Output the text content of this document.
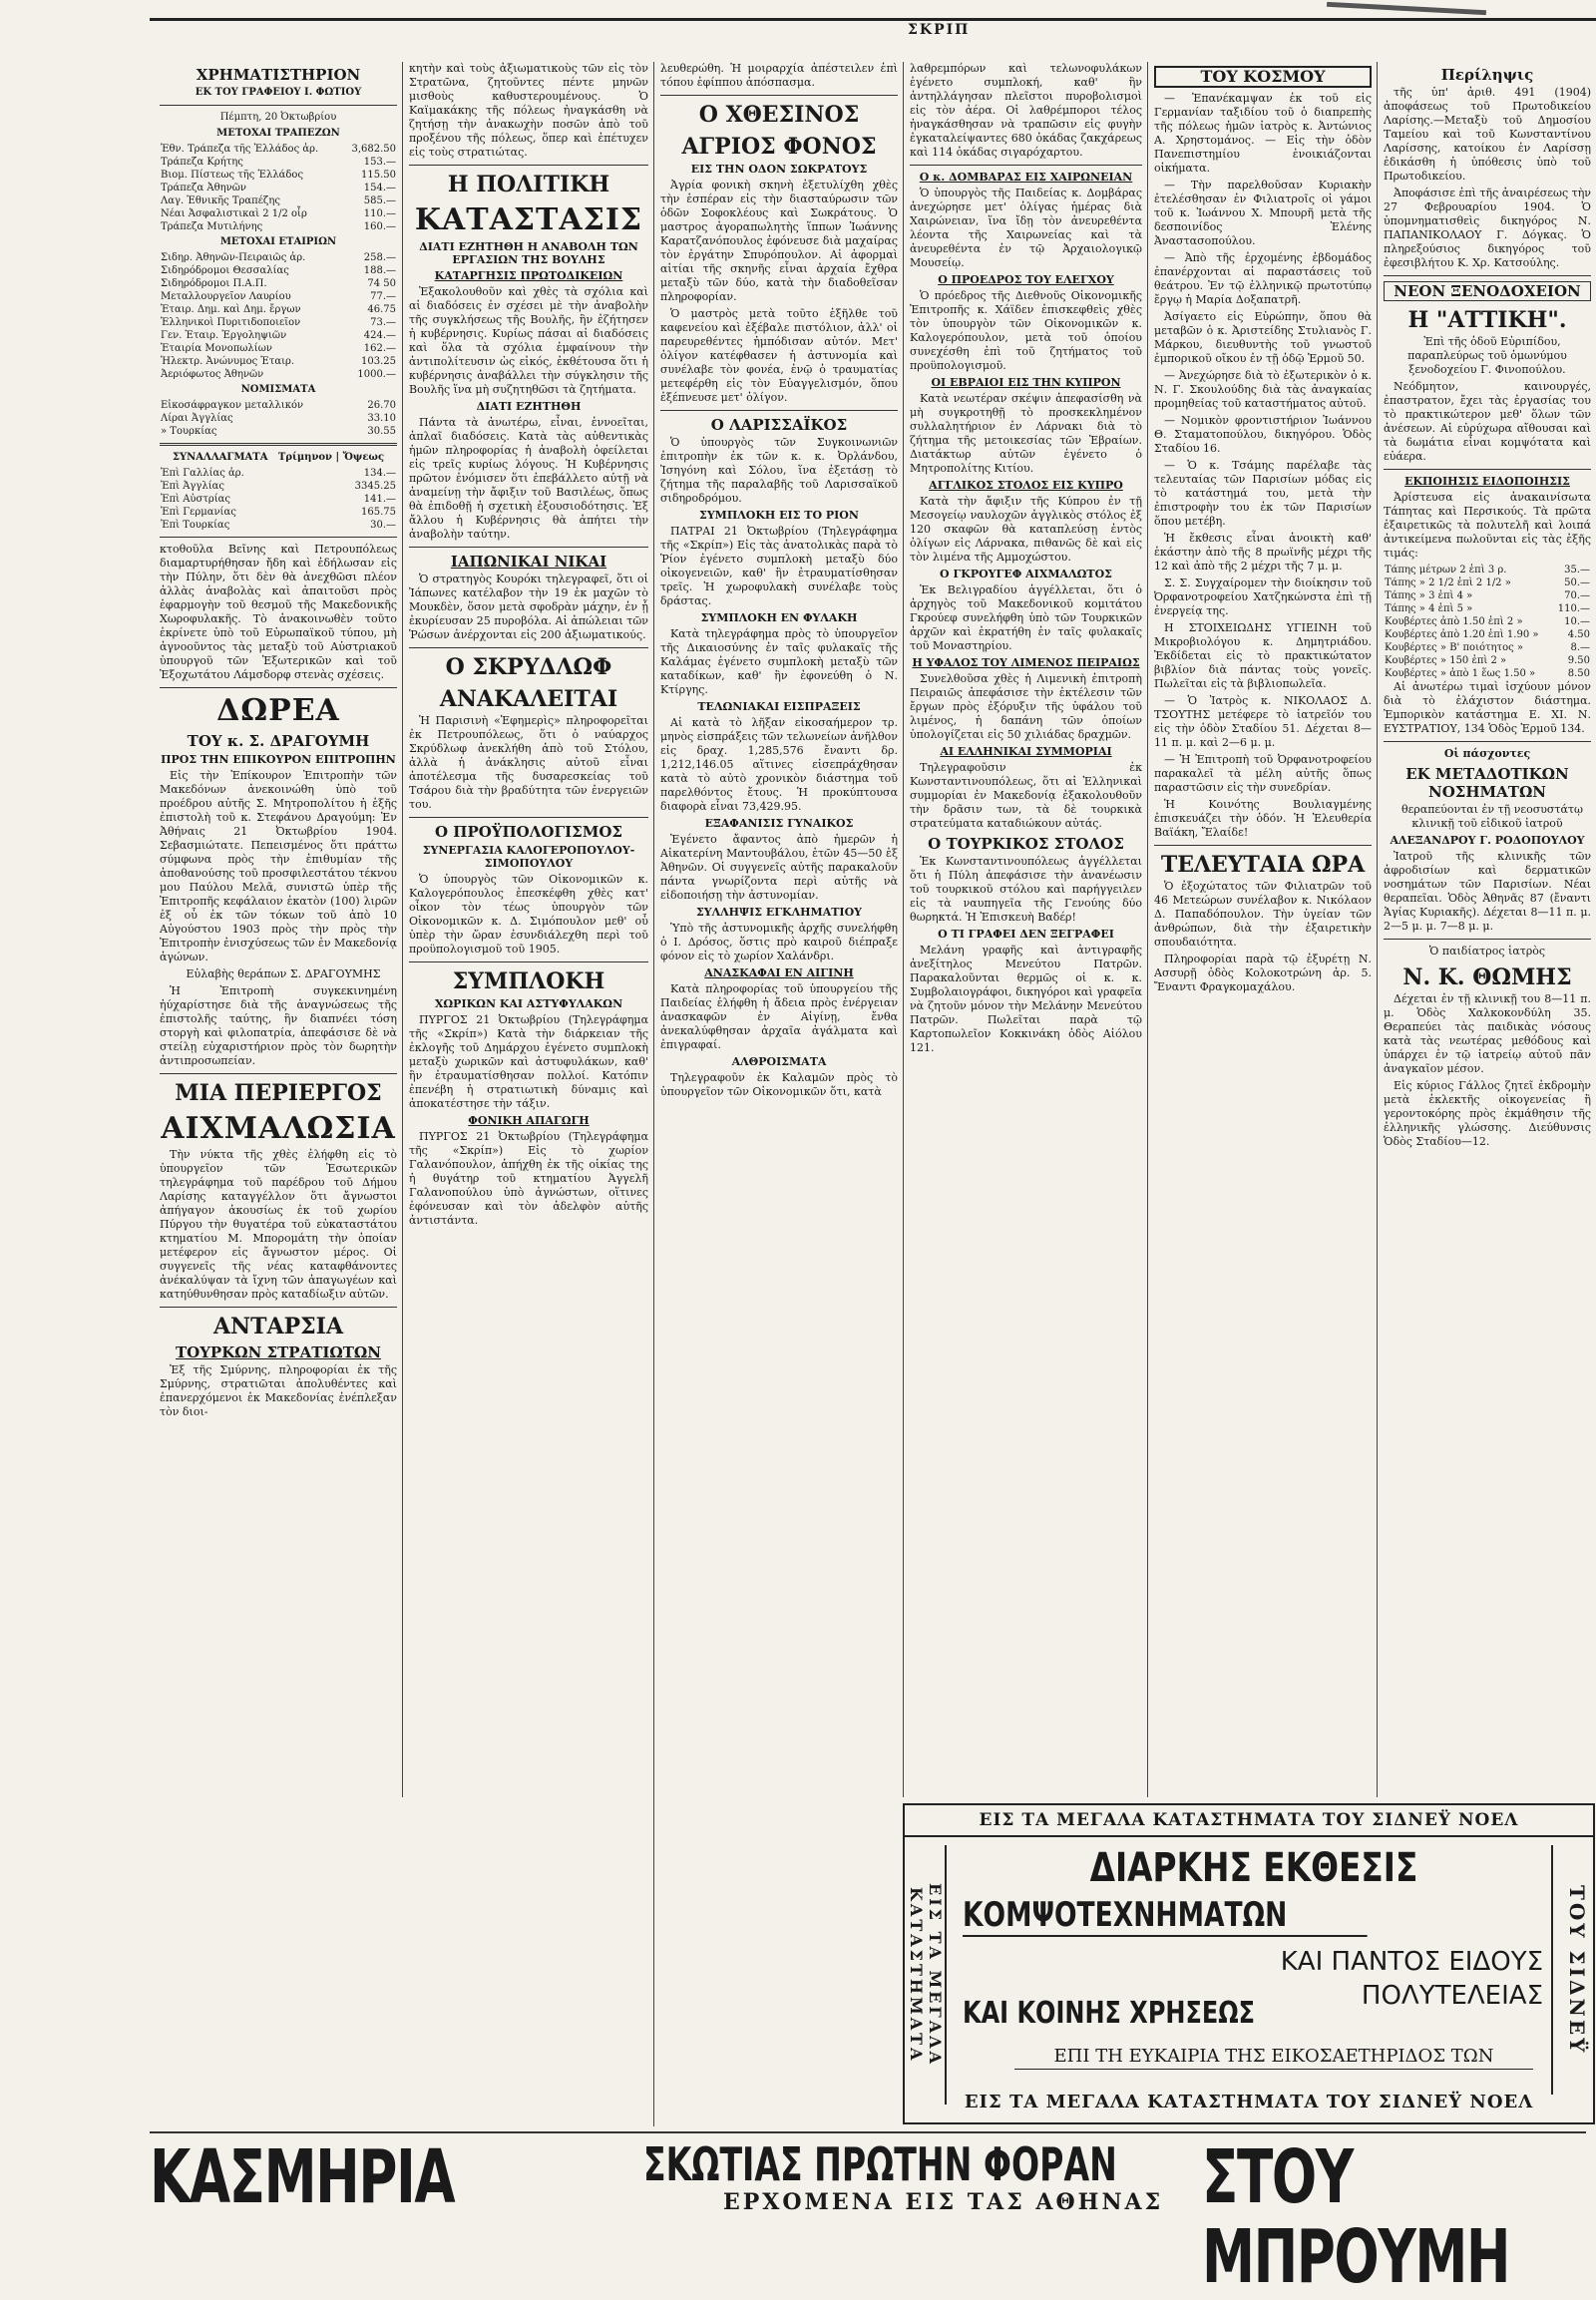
ΣΚΡΙΠ
ΧΡΗΜΑΤΙΣΤΗΡΙΟΝ
ΕΚ ΤΟΥ ΓΡΑΦΕΙΟΥ Ι. ΦΩΤΙΟΥ
Πέμπτη, 20 Ὀκτωβρίου
ΜΕΤΟΧΑΙ ΤΡΑΠΕΖΩΝ
Ἐθν. Τράπεζα τῆς Ἑλλάδος ἀρ.	3,682.50
Τράπεζα Κρήτης	153.—
Βιομ. Πίστεως τῆς Ἑλλάδος	115.50
Τράπεζα Ἀθηνῶν	154.—
Λαγ. Ἐθνικῆς Τραπέζης	585.—
Νέαι Ἀσφαλιστικαὶ 2 1/2 οἷρ	110.—
Τράπεζα Μυτιλήνης	160.—
ΜΕΤΟΧΑΙ ΕΤΑΙΡΙΩΝ
Σιδηρ. Ἀθηνῶν-Πειραιῶς ἀρ.	258.—
Σιδηρόδρομοι Θεσσαλίας	188.—
Σιδηρόδρομοι Π.Α.Π.	74 50
Μεταλλουργεῖον Λαυρίου	77.—
Ἑταιρ. Δημ. καὶ Δημ. ἔργων	46.75
Ἑλληνικοὶ Πυριτιδοποιεῖον	73.—
Γεν. Ἑταιρ. Ἐργοληψιῶν	424.—
Ἑταιρία Μονοπωλίων	162.—
Ἠλεκτρ. Ἀνώνυμος Ἑταιρ.	103.25
Ἀεριόφωτος Ἀθηνῶν	1000.—
ΝΟΜΙΣΜΑΤΑ
Εἰκοσάφραγκον μεταλλικόν	26.70
Λίραι Ἀγγλίας	33.10
» Τουρκίας	30.55
ΣΥΝΑΛΛΑΓΜΑΤΑ Τρίμηνον | Ὄψεως
Ἐπὶ Γαλλίας ἀρ.	134.—
Ἐπὶ Ἀγγλίας	3345.25
Ἐπὶ Αὐστρίας	141.—
Ἐπὶ Γερμανίας	165.75
Ἐπὶ Τουρκίας	30.—

κτοθοῦλα Βεῖνης καὶ Πετρουπόλεως διαμαρτυρήθησαν ἤδη καὶ ἐδήλωσαν εἰς τὴν Πύλην, ὅτι δὲν θὰ ἀνεχθῶσι πλέον ἀλλὰς ἀναβολὰς καὶ ἀπαιτοῦσι πρὸς ἐφαρμογὴν τοῦ θεσμοῦ τῆς Μακεδονικῆς Χωροφυλακῆς. Τὸ ἀνακοινωθὲν τοῦτο ἐκρίνετε ὑπὸ τοῦ Εὐρωπαϊκοῦ τύπου, μὴ ἀγνοοῦντος τὰς μεταξὺ τοῦ Αὐστριακοῦ ὑπουργοῦ τῶν Ἐξωτερικῶν καὶ τοῦ Ἐξοχωτάτου Λάμσδορφ στενὰς σχέσεις.

ΔΩΡΕΑ
ΤΟΥ κ. Σ. ΔΡΑΓΟΥΜΗ
ΠΡΟΣ ΤΗΝ ΕΠΙΚΟΥΡΟΝ ΕΠΙΤΡΟΠΗΝ

Εἰς τὴν Ἐπίκουρον Ἐπιτροπὴν τῶν Μακεδόνων ἀνεκοινώθη ὑπὸ τοῦ προέδρου αὐτῆς Σ. Μητροπολίτου ἡ ἑξῆς ἐπιστολὴ τοῦ κ. Στεφάνου Δραγούμη: Ἐν Ἀθήναις 21 Ὀκτωβρίου 1904. Σεβασμιώτατε. Πεπεισμένος ὅτι πράττω σύμφωνα πρὸς τὴν ἐπιθυμίαν τῆς ἀποθανούσης τοῦ προσφιλεστάτου τέκνου μου Παύλου Μελᾶ, συνιστῶ ὑπὲρ τῆς Ἐπιτροπῆς κεφάλαιον ἐκατὸν (100) λιρῶν ἐξ οὗ ἐκ τῶν τόκων τοῦ ἀπὸ 10 Αὐγούστου 1903 πρὸς τὴν πρὸς τὴν Ἐπιτροπὴν ἐνισχύσεως τῶν ἐν Μακεδονίᾳ ἀγώνων.

Εὐλαβὴς θεράπων Σ. ΔΡΑΓΟΥΜΗΣ

Ἡ Ἐπιτροπὴ συγκεκινημένη ἠύχαρίστησε διὰ τῆς ἀναγνώσεως τῆς ἐπιστολῆς ταύτης, ἣν διαπνέει τόση στοργὴ καὶ φιλοπατρία, ἀπεφάσισε δὲ νὰ στείλῃ εὐχαριστήριον πρὸς τὸν δωρητὴν ἀντιπροσωπείαν.

ΜΙΑ ΠΕΡΙΕΡΓΟΣ
ΑΙΧΜΑΛΩΣΙΑ

Τὴν νύκτα τῆς χθὲς ἐλήφθη εἰς τὸ ὑπουργεῖον τῶν Ἐσωτερικῶν τηλεγράφημα τοῦ παρέδρου τοῦ Δήμου Λαρίσης καταγγέλλον ὅτι ἄγνωστοι ἀπήγαγον ἀκουσίως ἐκ τοῦ χωρίου Πύργου τὴν θυγατέρα τοῦ εὐκαταστάτου κτηματίου Μ. Μπορομάτη τὴν ὁποίαν μετέφερον εἰς ἄγνωστον μέρος. Οἱ συγγενεῖς τῆς νέας καταφθάνοντες ἀνέκαλύψαν τὰ ἴχνη τῶν ἀπαγωγέων καὶ κατηύθυνθησαν πρὸς καταδίωξιν αὐτῶν.

ΑΝΤΑΡΣΙΑ
ΤΟΥΡΚΩΝ ΣΤΡΑΤΙΩΤΩΝ

Ἐξ τῆς Σμύρνης, πληροφορίαι ἐκ τῆς Σμύρνης, στρατιῶται ἀπολυθέντες καὶ ἐπανερχόμενοι ἐκ Μακεδονίας ἐνέπλεξαν τὸν διοι-

κητὴν καὶ τοὺς ἀξιωματικοὺς τῶν εἰς τὸν Στρατῶνα, ζητοῦντες πέντε μηνῶν μισθοὺς καθυστερουμένους. Ὁ Καϊμακάκης τῆς πόλεως ἠναγκάσθη νὰ ζητήσῃ τὴν ἀνακωχὴν ποσῶν ἀπὸ τοῦ προξένου τῆς πόλεως, ὅπερ καὶ ἐπέτυχεν εἰς τοὺς στρατιώτας.

Η ΠΟΛΙΤΙΚΗ
ΚΑΤΑΣΤΑΣΙΣ
ΔΙΑΤΙ ΕΖΗΤΗΘΗ Η ΑΝΑΒΟΛΗ ΤΩΝ ΕΡΓΑΣΙΩΝ ΤΗΣ ΒΟΥΛΗΣ
ΚΑΤΑΡΓΗΣΙΣ ΠΡΩΤΟΔΙΚΕΙΩΝ

Ἐξακολουθοῦν καὶ χθὲς τὰ σχόλια καὶ αἱ διαδόσεις ἐν σχέσει μὲ τὴν ἀναβολὴν τῆς συγκλήσεως τῆς Βουλῆς, ἣν ἐζήτησεν ἡ κυβέρνησις. Κυρίως πάσαι αἱ διαδόσεις καὶ ὅλα τὰ σχόλια ἐμφαίνουν τὴν ἀντιπολίτευσιν ὡς εἰκός, ἐκθέτουσα ὅτι ἡ κυβέρνησις ἀναβάλλει τὴν σύγκλησιν τῆς Βουλῆς ἵνα μὴ συζητηθῶσι τὰ ζητήματα.

ΔΙΑΤΙ ΕΖΗΤΗΘΗ

Πάντα τὰ ἀνωτέρω, εἶναι, ἐννοεῖται, ἀπλαῖ διαδόσεις. Κατὰ τὰς αὐθεντικὰς ἡμῶν πληροφορίας ἡ ἀναβολὴ ὀφείλεται εἰς τρεῖς κυρίως λόγους. Ἡ Κυβέρνησις πρῶτον ἐνόμισεν ὅτι ἐπεβάλλετο αὐτῇ νὰ ἀναμείνῃ τὴν ἄφιξιν τοῦ Βασιλέως, ὅπως θὰ ἐπιδοθῇ ἡ σχετικὴ ἐξουσιοδότησις. Ἐξ ἄλλου ἡ Κυβέρνησις θὰ ἀπήτει τὴν ἀναβολὴν ταύτην.

ΙΑΠΩΝΙΚΑΙ ΝΙΚΑΙ

Ὁ στρατηγὸς Κουρόκι τηλεγραφεῖ, ὅτι οἱ Ἰάπωνες κατέλαβον τὴν 19 ἐκ μαχῶν τὸ Μουκδὲν, ὅσον μετὰ σφοδρὰν μάχην, ἐν ᾗ ἐκυρίευσαν 25 πυροβόλα. Αἱ ἀπώλειαι τῶν Ῥώσων ἀνέρχονται εἰς 200 ἀξιωματικούς.

Ο ΣΚΡΥΔΛΩΦ
ΑΝΑΚΑΛΕΙΤΑΙ

Ἡ Παρισινὴ «Ἐφημερὶς» πληροφορεῖται ἐκ Πετρουπόλεως, ὅτι ὁ ναύαρχος Σκρύδλωφ ἀνεκλήθη ἀπὸ τοῦ Στόλου, ἀλλὰ ἡ ἀνάκλησις αὐτοῦ εἶναι ἀποτέλεσμα τῆς δυσαρεσκείας τοῦ Τσάρου διὰ τὴν βραδύτητα τῶν ἐνεργειῶν του.

Ο ΠΡΟΫΠΟΛΟΓΙΣΜΟΣ
ΣΥΝΕΡΓΑΣΙΑ ΚΑΛΟΓΕΡΟΠΟΥΛΟΥ-ΣΙΜΟΠΟΥΛΟΥ

Ὁ ὑπουργὸς τῶν Οἰκονομικῶν κ. Καλογερόπουλος ἐπεσκέφθη χθὲς κατ' οἶκον τὸν τέως ὑπουργὸν τῶν Οἰκονομικῶν κ. Δ. Σιμόπουλον μεθ' οὗ ὑπὲρ τὴν ὥραν ἐσυνδιάλεχθη περὶ τοῦ προϋπολογισμοῦ τοῦ 1905.

ΣΥΜΠΛΟΚΗ
ΧΩΡΙΚΩΝ ΚΑΙ ΑΣΤΥΦΥΛΑΚΩΝ

ΠΥΡΓΟΣ 21 Ὀκτωβρίου (Τηλεγράφημα τῆς «Σκρίπ») Κατὰ τὴν διάρκειαν τῆς ἐκλογῆς τοῦ Δημάρχου ἐγένετο συμπλοκὴ μεταξὺ χωρικῶν καὶ ἀστυφυλάκων, καθ' ἣν ἐτραυματίσθησαν πολλοί. Κατόπιν ἐπενέβη ἡ στρατιωτικὴ δύναμις καὶ ἀποκατέστησε τὴν τάξιν.

ΦΟΝΙΚΗ ΑΠΑΓΩΓΗ

ΠΥΡΓΟΣ 21 Ὀκτωβρίου (Τηλεγράφημα τῆς «Σκρίπ») Εἰς τὸ χωρίον Γαλανόπουλον, ἀπήχθη ἐκ τῆς οἰκίας της ἡ θυγάτηρ τοῦ κτηματίου Ἀγγελῆ Γαλανοπούλου ὑπὸ ἀγνώστων, οἵτινες ἐφόνευσαν καὶ τὸν ἀδελφὸν αὐτῆς ἀντιστάντα.

λευθερώθη. Ἡ μοιραρχία ἀπέστειλεν ἐπὶ τόπου ἐφίππου ἀπόσπασμα.

Ο ΧΘΕΣΙΝΟΣ
ΑΓΡΙΟΣ ΦΟΝΟΣ
ΕΙΣ ΤΗΝ ΟΔΟΝ ΣΩΚΡΑΤΟΥΣ

Ἀγρία φονικὴ σκηνὴ ἐξετυλίχθη χθὲς τὴν ἑσπέραν εἰς τὴν διασταύρωσιν τῶν ὁδῶν Σοφοκλέους καὶ Σωκράτους. Ὁ μαστρος ἀγοραπωλητὴς ἵππων Ἰωάννης Καρατζανόπουλος ἐφόνευσε διὰ μαχαίρας τὸν ἐργάτην Σπυρόπουλον. Αἱ ἀφορμαὶ αἰτίαι τῆς σκηνῆς εἶναι ἀρχαία ἔχθρα μεταξὺ τῶν δύο, κατὰ τὴν διαδοθεῖσαν πληροφορίαν.

Ὁ μαστρὸς μετὰ τοῦτο ἐξῆλθε τοῦ καφενείου καὶ ἐξέβαλε πιστόλιον, ἀλλ' οἱ παρευρεθέντες ἠμπόδισαν αὐτόν. Μετ' ὀλίγον κατέφθασεν ἡ ἀστυνομία καὶ συνέλαβε τὸν φονέα, ἐνῷ ὁ τραυματίας μετεφέρθη εἰς τὸν Εὐαγγελισμόν, ὅπου ἐξέπνευσε μετ' ὀλίγον.

Ο ΛΑΡΙΣΣΑΪΚΟΣ

Ὁ ὑπουργὸς τῶν Συγκοινωνιῶν ἐπιτροπὴν ἐκ τῶν κ. κ. Ὀρλάνδου, Ἰσηγόνη καὶ Σόλου, ἵνα ἐξετάσῃ τὸ ζήτημα τῆς παραλαβῆς τοῦ Λαρισσαϊκοῦ σιδηροδρόμου.

ΣΥΜΠΛΟΚΗ ΕΙΣ ΤΟ ΡΙΟΝ

ΠΑΤΡΑΙ 21 Ὀκτωβρίου (Τηλεγράφημα τῆς «Σκρίπ») Εἰς τὰς ἀνατολικὰς παρὰ τὸ Ῥίον ἐγένετο συμπλοκὴ μεταξὺ δύο οἰκογενειῶν, καθ' ἣν ἐτραυματίσθησαν τρεῖς. Ἡ χωροφυλακὴ συνέλαβε τοὺς δράστας.

ΣΥΜΠΛΟΚΗ ΕΝ ΦΥΛΑΚΗ

Κατὰ τηλεγράφημα πρὸς τὸ ὑπουργεῖον τῆς Δικαιοσύνης ἐν ταῖς φυλακαῖς τῆς Καλάμας ἐγένετο συμπλοκὴ μεταξὺ τῶν καταδίκων, καθ' ἣν ἐφονεύθη ὁ Ν. Κτίργης.

ΤΕΛΩΝΙΑΚΑΙ ΕΙΣΠΡΑΞΕΙΣ

Αἱ κατὰ τὸ λῆξαν εἰκοσαήμερον τρ. μηνὸς εἰσπράξεις τῶν τελωνείων ἀνῆλθον εἰς δραχ. 1,285,576 ἔναντι δρ. 1,212,146.05 αἵτινες εἰσεπράχθησαν κατὰ τὸ αὐτὸ χρονικὸν διάστημα τοῦ παρελθόντος ἔτους. Ἡ προκύπτουσα διαφορὰ εἶναι 73,429.95.

ΕΞΑΦΑΝΙΣΙΣ ΓΥΝΑΙΚΟΣ

Ἐγένετο ἄφαντος ἀπὸ ἡμερῶν ἡ Αἰκατερίνη Μαντουβάλου, ἐτῶν 45—50 ἐξ Ἀθηνῶν. Οἱ συγγενεῖς αὐτῆς παρακαλοῦν πάντα γνωρίζοντα περὶ αὐτῆς νὰ εἰδοποιήσῃ τὴν ἀστυνομίαν.

ΣΥΛΛΗΨΙΣ ΕΓΚΛΗΜΑΤΙΟΥ

Ὑπὸ τῆς ἀστυνομικῆς ἀρχῆς συνελήφθη ὁ Ι. Δρόσος, ὅστις πρὸ καιροῦ διέπραξε φόνον εἰς τὸ χωρίον Χαλάνδρι.

ΑΝΑΣΚΑΦΑΙ ΕΝ ΑΙΓΙΝΗ

Κατὰ πληροφορίας τοῦ ὑπουργείου τῆς Παιδείας ἐλήφθη ἡ ἄδεια πρὸς ἐνέργειαν ἀνασκαφῶν ἐν Αἰγίνῃ, ἔνθα ἀνεκαλύφθησαν ἀρχαῖα ἀγάλματα καὶ ἐπιγραφαί.

ΑΛΘΡΟΙΣΜΑΤΑ

Τηλεγραφοῦν ἐκ Καλαμῶν πρὸς τὸ ὑπουργεῖον τῶν Οἰκονομικῶν ὅτι, κατὰ

λαθρεμπόρων καὶ τελωνοφυλάκων ἐγένετο συμπλοκή, καθ' ἣν ἀντηλλάγησαν πλεῖστοι πυροβολισμοὶ εἰς τὸν ἀέρα. Οἱ λαθρέμποροι τέλος ἠναγκάσθησαν νὰ τραπῶσιν εἰς φυγὴν ἐγκαταλείψαντες 680 ὀκάδας ζακχάρεως καὶ 114 ὀκάδας σιγαρόχαρτου.

Ο κ. ΔΟΜΒΑΡΑΣ ΕΙΣ ΧΑΙΡΩΝΕΙΑΝ

Ὁ ὑπουργὸς τῆς Παιδείας κ. Δομβάρας ἀνεχώρησε μετ' ὀλίγας ἡμέρας διὰ Χαιρώνειαν, ἵνα ἴδῃ τὸν ἀνευρεθέντα λέοντα τῆς Χαιρωνείας καὶ τὰ ἀνευρεθέντα ἐν τῷ Ἀρχαιολογικῷ Μουσείῳ.

Ο ΠΡΟΕΔΡΟΣ ΤΟΥ ΕΛΕΓΧΟΥ

Ὁ πρόεδρος τῆς Διεθνοῦς Οἰκονομικῆς Ἐπιτροπῆς κ. Χάϊδεν ἐπισκεφθεὶς χθὲς τὸν ὑπουργὸν τῶν Οἰκονομικῶν κ. Καλογερόπουλον, μετὰ τοῦ ὁποίου συνεχέσθη ἐπὶ τοῦ ζητήματος τοῦ προϋπολογισμοῦ.

ΟΙ ΕΒΡΑΙΟΙ ΕΙΣ ΤΗΝ ΚΥΠΡΟΝ

Κατὰ νεωτέραν σκέψιν ἀπεφασίσθη νὰ μὴ συγκροτηθῇ τὸ προσκεκλημένον συλλαλητήριον ἐν Λάρνακι διὰ τὸ ζήτημα τῆς μετοικεσίας τῶν Ἑβραίων. Διατάκτωρ αὐτῶν ἐγένετο ὁ Μητροπολίτης Κιτίου.

ΑΓΓΛΙΚΟΣ ΣΤΟΛΟΣ ΕΙΣ ΚΥΠΡΟ

Κατὰ τὴν ἄφιξιν τῆς Κύπρου ἐν τῇ Μεσογείῳ ναυλοχῶν ἀγγλικὸς στόλος ἐξ 120 σκαφῶν θὰ καταπλεύσῃ ἐντὸς ὀλίγων εἰς Λάρνακα, πιθανῶς δὲ καὶ εἰς τὸν λιμένα τῆς Αμμοχώστου.

Ο ΓΚΡΟΥΓΕΦ ΑΙΧΜΑΛΩΤΟΣ

Ἐκ Βελιγραδίου ἀγγέλλεται, ὅτι ὁ ἀρχηγὸς τοῦ Μακεδονικοῦ κομιτάτου Γκρούεφ συνελήφθη ὑπὸ τῶν Τουρκικῶν ἀρχῶν καὶ ἐκρατήθη ἐν ταῖς φυλακαῖς τοῦ Μοναστηρίου.

Η ΥΦΑΛΟΣ ΤΟΥ ΛΙΜΕΝΟΣ ΠΕΙΡΑΙΩΣ

Συνελθοῦσα χθὲς ἡ Λιμενικὴ ἐπιτροπὴ Πειραιῶς ἀπεφάσισε τὴν ἐκτέλεσιν τῶν ἔργων πρὸς ἐξόρυξιν τῆς ὑφάλου τοῦ λιμένος, ἡ δαπάνη τῶν ὁποίων ὑπολογίζεται εἰς 50 χιλιάδας δραχμῶν.

ΑΙ ΕΛΛΗΝΙΚΑΙ ΣΥΜΜΟΡΙΑΙ

Τηλεγραφοῦσιν ἐκ Κωνσταντινουπόλεως, ὅτι αἱ Ἑλληνικαὶ συμμορίαι ἐν Μακεδονίᾳ ἐξακολουθοῦν τὴν δρᾶσιν των, τὰ δὲ τουρκικὰ στρατεύματα καταδιώκουν αὐτάς.

Ο ΤΟΥΡΚΙΚΟΣ ΣΤΟΛΟΣ

Ἐκ Κωνσταντινουπόλεως ἀγγέλλεται ὅτι ἡ Πύλη ἀπεφάσισε τὴν ἀνανέωσιν τοῦ τουρκικοῦ στόλου καὶ παρήγγειλεν εἰς τὰ ναυπηγεῖα τῆς Γενούης δύο θωρηκτά. Ἡ Ἐπισκευὴ Βαδέρ!

Ο ΤΙ ΓΡΑΦΕΙ ΔΕΝ ΞΕΓΡΑΦΕΙ

Μελάνη γραφῆς καὶ ἀντιγραφῆς ἀνεξίτηλος Μενεύτου Πατρῶν. Παρακαλοῦνται θερμῶς οἱ κ. κ. Συμβολαιογράφοι, δικηγόροι καὶ γραφεῖα νὰ ζητοῦν μόνον τὴν Μελάνην Μενεύτου Πατρῶν. Πωλεῖται παρὰ τῷ Καρτοπωλεῖον Κοκκινάκη ὁδὸς Αἰόλου 121.

ΤΟΥ ΚΟΣΜΟΥ

— Ἐπανέκαμψαν ἐκ τοῦ εἰς Γερμανίαν ταξιδίου τοῦ ὁ διαπρεπὴς τῆς πόλεως ἡμῶν ἰατρὸς κ. Ἀντώνιος Α. Χρηστομάνος. — Εἰς τὴν ὁδὸν Πανεπιστημίου ἐνοικιάζονται οἰκήματα.

— Τὴν παρελθοῦσαν Κυριακὴν ἐτελέσθησαν ἐν Φιλιατροῖς οἱ γάμοι τοῦ κ. Ἰωάννου Χ. Μπουρῆ μετὰ τῆς δεσποινίδος Ἑλένης Ἀναστασοπούλου.

— Ἀπὸ τῆς ἐρχομένης ἑβδομάδος ἐπανέρχονται αἱ παραστάσεις τοῦ θεάτρου. Ἐν τῷ ἐλληνικῷ πρωτοτύπῳ ἔργῳ ἡ Μαρία Δοξαπατρῆ.

Ἀσίγαετο εἰς Εὐρώπην, ὅπου θὰ μεταβῶν ὁ κ. Ἀριστείδης Στυλιανὸς Γ. Μάρκου, διευθυντὴς τοῦ γνωστοῦ ἐμπορικοῦ οἴκου ἐν τῇ ὁδῷ Ἑρμοῦ 50.

— Ἀνεχώρησε διὰ τὸ ἐξωτερικὸν ὁ κ. Ν. Γ. Σκουλούδης διὰ τὰς ἀναγκαίας προμηθείας τοῦ καταστήματος αὐτοῦ.

— Νομικὸν φροντιστήριον Ἰωάννου Θ. Σταματοπούλου, δικηγόρου. Ὁδὸς Σταδίου 16.

— Ὁ κ. Τσάμης παρέλαβε τὰς τελευταίας τῶν Παρισίων μόδας εἰς τὸ κατάστημά του, μετὰ τὴν ἐπιστροφὴν του ἐκ τῶν Παρισίων ὅπου μετέβη.

Ἡ ἔκθεσις εἶναι ἀνοικτὴ καθ' ἑκάστην ἀπὸ τῆς 8 πρωϊνῆς μέχρι τῆς 12 καὶ ἀπὸ τῆς 2 μέχρι τῆς 7 μ. μ.

Σ. Σ. Συγχαίρομεν τὴν διοίκησιν τοῦ Ὀρφανοτροφείου Χατζηκώνστα ἐπὶ τῇ ἐνεργείᾳ της.

Η ΣΤΟΙΧΕΙΩΔΗΣ ΥΓΙΕΙΝΗ τοῦ Μικροβιολόγου κ. Δημητριάδου. Ἐκδίδεται εἰς τὸ πρακτικώτατον βιβλίον διὰ πάντας τοὺς γονεῖς. Πωλεῖται εἰς τὰ βιβλιοπωλεῖα.

— Ὁ Ἰατρὸς κ. ΝΙΚΟΛΑΟΣ Δ. ΤΣΟΥΤΗΣ μετέφερε τὸ ἰατρεῖόν του εἰς τὴν ὁδὸν Σταδίου 51. Δέχεται 8—11 π. μ. καὶ 2—6 μ. μ.

— Ἡ Ἐπιτροπὴ τοῦ Ὀρφανοτροφείου παρακαλεῖ τὰ μέλη αὐτῆς ὅπως παραστῶσιν εἰς τὴν συνεδρίαν.

Ἡ Κοινότης Βουλιαγμένης ἐπισκευάζει τὴν ὁδόν. Ἡ Ἐλευθερία Βαϊάκη, Ἔλαίδε!

ΤΕΛΕΥΤΑΙΑ ΩΡΑ

Ὁ ἐξοχώτατος τῶν Φιλιατρῶν τοῦ 46 Μετεώρων συνέλαβον κ. Νικόλαον Δ. Παπαδόπουλον. Τὴν ὑγείαν τῶν ἀνθρώπων, διὰ τὴν ἐξαιρετικὴν σπουδαιότητα.

Πληροφορίαι παρὰ τῷ ἐξυρέτῃ Ν. Ασσυρῇ ὁδὸς Κολοκοτρώνη ἀρ. 5. Ἔναντι Φραγκομαχάλου.

Περίληψις

τῆς ὑπ' ἀριθ. 491 (1904) ἀποφάσεως τοῦ Πρωτοδικείου Λαρίσης.—Μεταξὺ τοῦ Δημοσίου Ταμείου καὶ τοῦ Κωνσταντίνου Λαρίσσης, κατοίκου ἐν Λαρίσσῃ ἐδικάσθη ἡ ὑπόθεσις ὑπὸ τοῦ Πρωτοδικείου.

Ἀποφάσισε ἐπὶ τῆς ἀναιρέσεως τὴν 27 Φεβρουαρίου 1904. Ὁ ὑπομνηματισθεὶς δικηγόρος Ν. ΠΑΠΑΝΙΚΟΛΑΟΥ Γ. Δόγκας. Ὁ πληρεξούσιος δικηγόρος τοῦ ἐφεσιβλήτου Κ. Χρ. Κατσούλης.

ΝΕΟΝ ΞΕΝΟΔΟΧΕΙΟΝ
Η "ΑΤΤΙΚΗ".

Ἐπὶ τῆς ὁδοῦ Εὐριπίδου, παραπλεύρως τοῦ ὁμωνύμου ξενοδοχείου Γ. Φινοπούλου.

Νεόδμητον, καινουργές, ἐπαστρατον, ἔχει τὰς ἐργασίας του τὸ πρακτικώτερον μεθ' ὅλων τῶν ἀνέσεων. Αἱ εὐρύχωρα αἴθουσαι καὶ τὰ δωμάτια εἶναι κομψότατα καὶ εὐάερα.

ΕΚΠΟΙΗΣΙΣ ΕΙΔΟΠΟΙΗΣΙΣ

Ἀρίστευσα εἰς ἀνακαινίσωτα Τάπητας καὶ Περσικούς. Τὰ πρῶτα ἐξαιρετικῶς τὰ πολυτελῆ καὶ λοιπά ἀντικείμενα πωλοῦνται εἰς τὰς ἑξῆς τιμάς:

Τάπης μέτρων 2 ἐπὶ 3 ρ.	35.—
Τάπης » 2 1/2 ἐπὶ 2 1/2 »	50.—
Τάπης » 3 ἐπὶ 4 »	70.—
Τάπης » 4 ἐπὶ 5 »	110.—
Κουβέρτες ἀπὸ 1.50 ἐπὶ 2 »	10.—
Κουβέρτες ἀπὸ 1.20 ἐπὶ 1.90 »	4.50
Κουβέρτες » Β' ποιότητος »	8.—
Κουβέρτες » 150 ἐπὶ 2 »	9.50
Κουβέρτες » ἀπὸ 1 ἕως 1.50 »	8.50

Αἱ ἀνωτέρω τιμαὶ ἰσχύουν μόνον διὰ τὸ ἐλάχιστον διάστημα. Ἐμπορικὸν κατάστημα Ε. ΧΙ. Ν. ΕΥΣΤΡΑΤΙΟΥ, 134 Ὁδὸς Ἑρμοῦ 134.

Οἱ πάσχοντες
ΕΚ ΜΕΤΑΔΟΤΙΚΩΝ ΝΟΣΗΜΑΤΩΝ

θεραπεύονται ἐν τῇ νεοσυστάτῳ κλινικῇ τοῦ εἰδικοῦ ἰατροῦ

ΑΛΕΞΑΝΔΡΟΥ Γ. ΡΟΔΟΠΟΥΛΟΥ

Ἰατροῦ τῆς κλινικῆς τῶν ἀφροδισίων καὶ δερματικῶν νοσημάτων τῶν Παρισίων. Νέαι θεραπεῖαι. Ὁδὸς Ἀθηνᾶς 87 (ἔναντι Ἁγίας Κυριακῆς). Δέχεται 8—11 π. μ. 2—5 μ. μ. 7—8 μ. μ.

Ὁ παιδίατρος ἰατρὸς
Ν. Κ. ΘΩΜΗΣ

Δέχεται ἐν τῇ κλινικῇ του 8—11 π. μ. Ὁδὸς Χαλκοκονδύλη 35. Θεραπεύει τὰς παιδικὰς νόσους κατὰ τὰς νεωτέρας μεθόδους καὶ ὑπάρχει ἐν τῷ ἰατρείῳ αὐτοῦ πᾶν ἀναγκαῖον μέσον.

Εἰς κύριος Γάλλος ζητεῖ ἐκδρομὴν μετὰ ἐκλεκτῆς οἰκογενείας ἢ γεροντοκόρης πρὸς ἐκμάθησιν τῆς ἑλληνικῆς γλώσσης. Διεύθυνσις Ὁδὸς Σταδίου—12.

ΕΙΣ ΤΑ ΜΕΓΑΛΑ ΚΑΤΑΣΤΗΜΑΤΑ ΤΟΥ ΣΙΔΝΕΫ ΝΟΕΛ
ΕΙΣ ΤΑ ΜΕΓΑΛΑ ΚΑΤΑΣΤΗΜΑΤΑ	ΤΟΥ ΣΙΔΝΕΫ
ΔΙΑΡΚΗΣ ΕΚΘΕΣΙΣ
ΚΟΜΨΟΤΕΧΝΗΜΑΤΩΝ
ΚΑΙ ΠΑΝΤΟΣ ΕΙΔΟΥΣ ΠΟΛΥΤΕΛΕΙΑΣ
ΚΑΙ ΚΟΙΝΗΣ ΧΡΗΣΕΩΣ
ΕΠΙ ΤΗ ΕΥΚΑΙΡΙΑ ΤΗΣ ΕΙΚΟΣΑΕΤΗΡΙΔΟΣ ΤΩΝ
ΕΙΣ ΤΑ ΜΕΓΑΛΑ ΚΑΤΑΣΤΗΜΑΤΑ ΤΟΥ ΣΙΔΝΕΫ ΝΟΕΛ
ΚΑΣΜΗΡΙΑ	ΣΚΩΤΙΑΣ ΠΡΩΤΗΝ ΦΟΡΑΝ
ΕΡΧΟΜΕΝΑ ΕΙΣ ΤΑΣ ΑΘΗΝΑΣ ΣΤΟΥ ΜΠΡΟΥΜΗ
